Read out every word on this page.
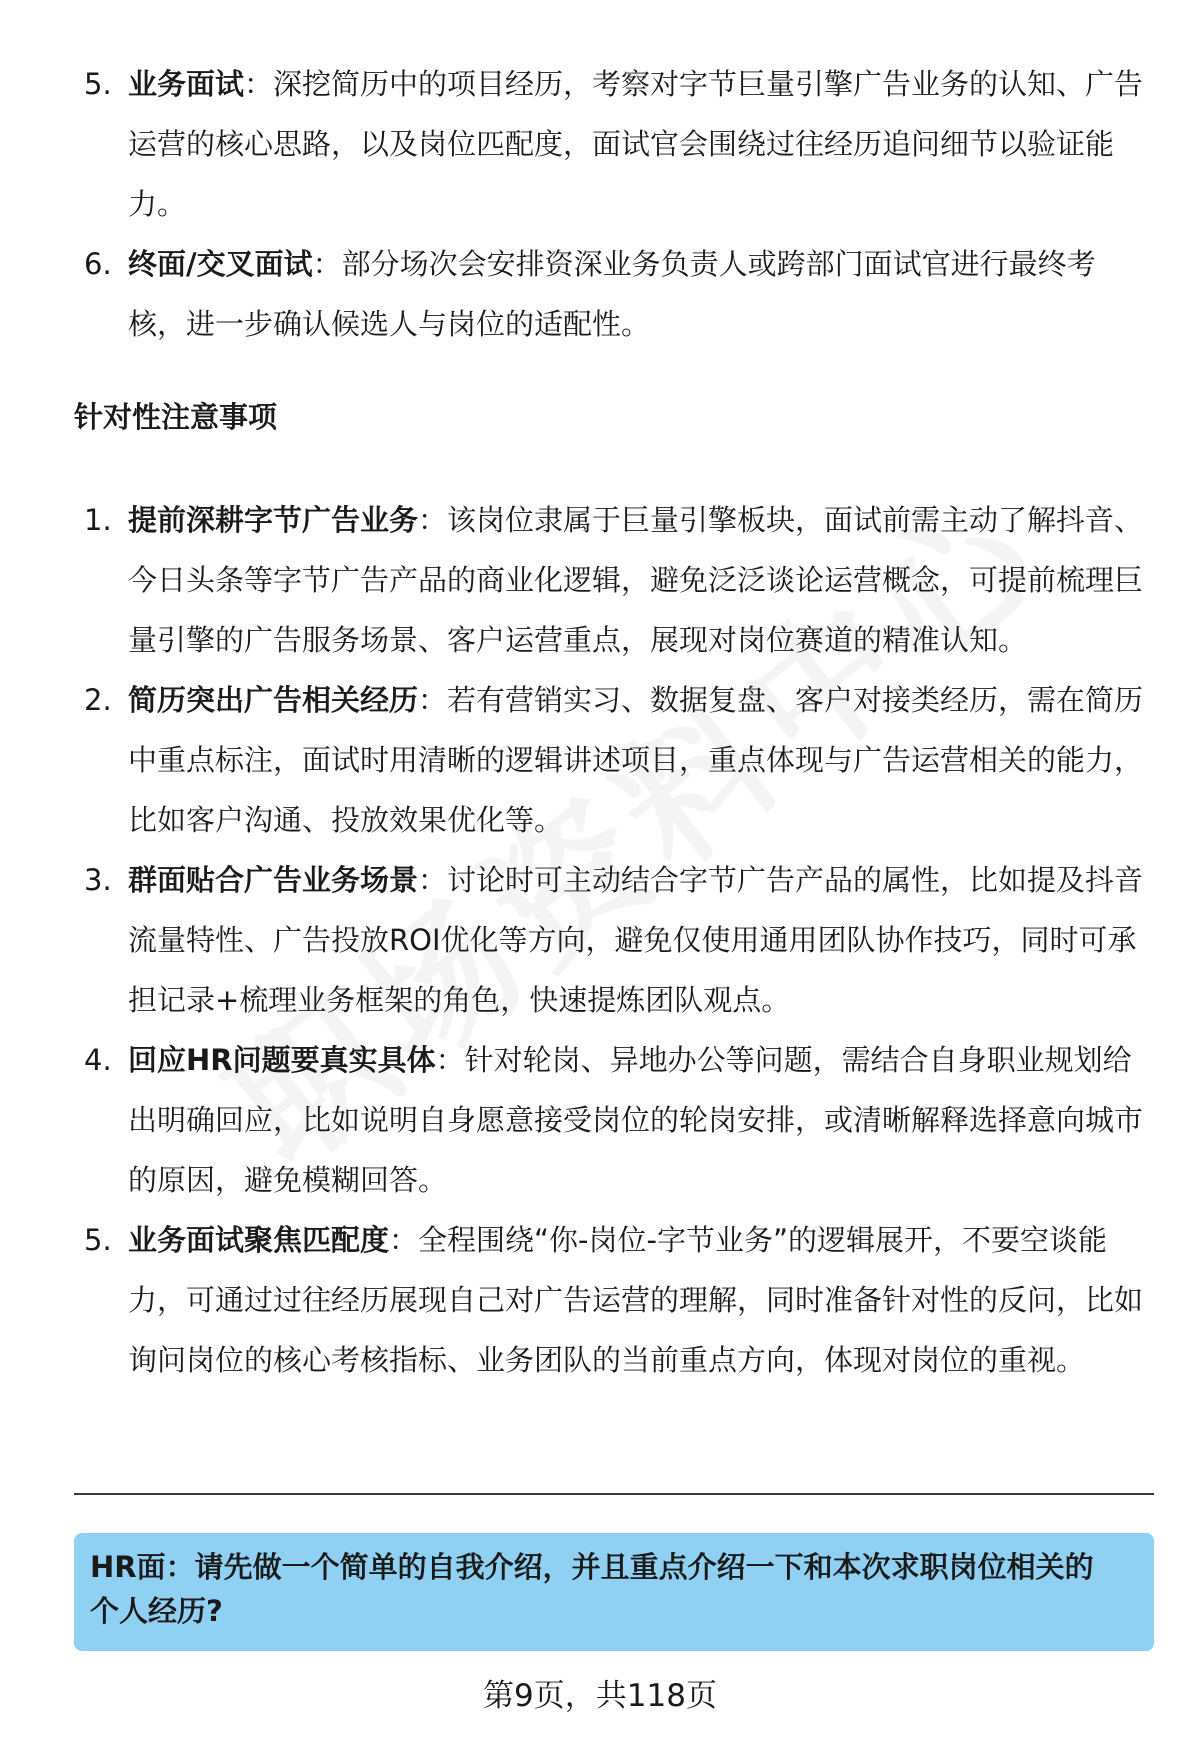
5. 业务面试：深挖简历中的项目经历，考察对字节巨量引擎广告业务的认知、广告运营的核心思路，以及岗位匹配度，面试官会围绕过往经历追问细节以验证能力。
6. 终面/交叉面试：部分场次会安排资深业务负责人或跨部门面试官进行最终考核，进一步确认候选人与岗位的适配性。
针对性注意事项
1. 提前深耕字节广告业务：该岗位隶属于巨量引擎板块，面试前需主动了解抖音、今日头条等字节广告产品的商业化逻辑，避免泛泛谈论运营概念，可提前梳理巨量引擎的广告服务场景、客户运营重点，展现对岗位赛道的精准认知。
2. 简历突出广告相关经历：若有营销实习、数据复盘、客户对接类经历，需在简历中重点标注，面试时用清晰的逻辑讲述项目，重点体现与广告运营相关的能力，比如客户沟通、投放效果优化等。
3. 群面贴合广告业务场景：讨论时可主动结合字节广告产品的属性，比如提及抖音流量特性、广告投放ROI优化等方向，避免仅使用通用团队协作技巧，同时可承担记录+梳理业务框架的角色，快速提炼团队观点。
4. 回应HR问题要真实具体：针对轮岗、异地办公等问题，需结合自身职业规划给出明确回应，比如说明自身愿意接受岗位的轮岗安排，或清晰解释选择意向城市的原因，避免模糊回答。
5. 业务面试聚焦匹配度：全程围绕“你-岗位-字节业务”的逻辑展开，不要空谈能力，可通过过往经历展现自己对广告运营的理解，同时准备针对性的反问，比如询问岗位的核心考核指标、业务团队的当前重点方向，体现对岗位的重视。
HR面：请先做一个简单的自我介绍，并且重点介绍一下和本次求职岗位相关的个人经历?
第9页，共118页
